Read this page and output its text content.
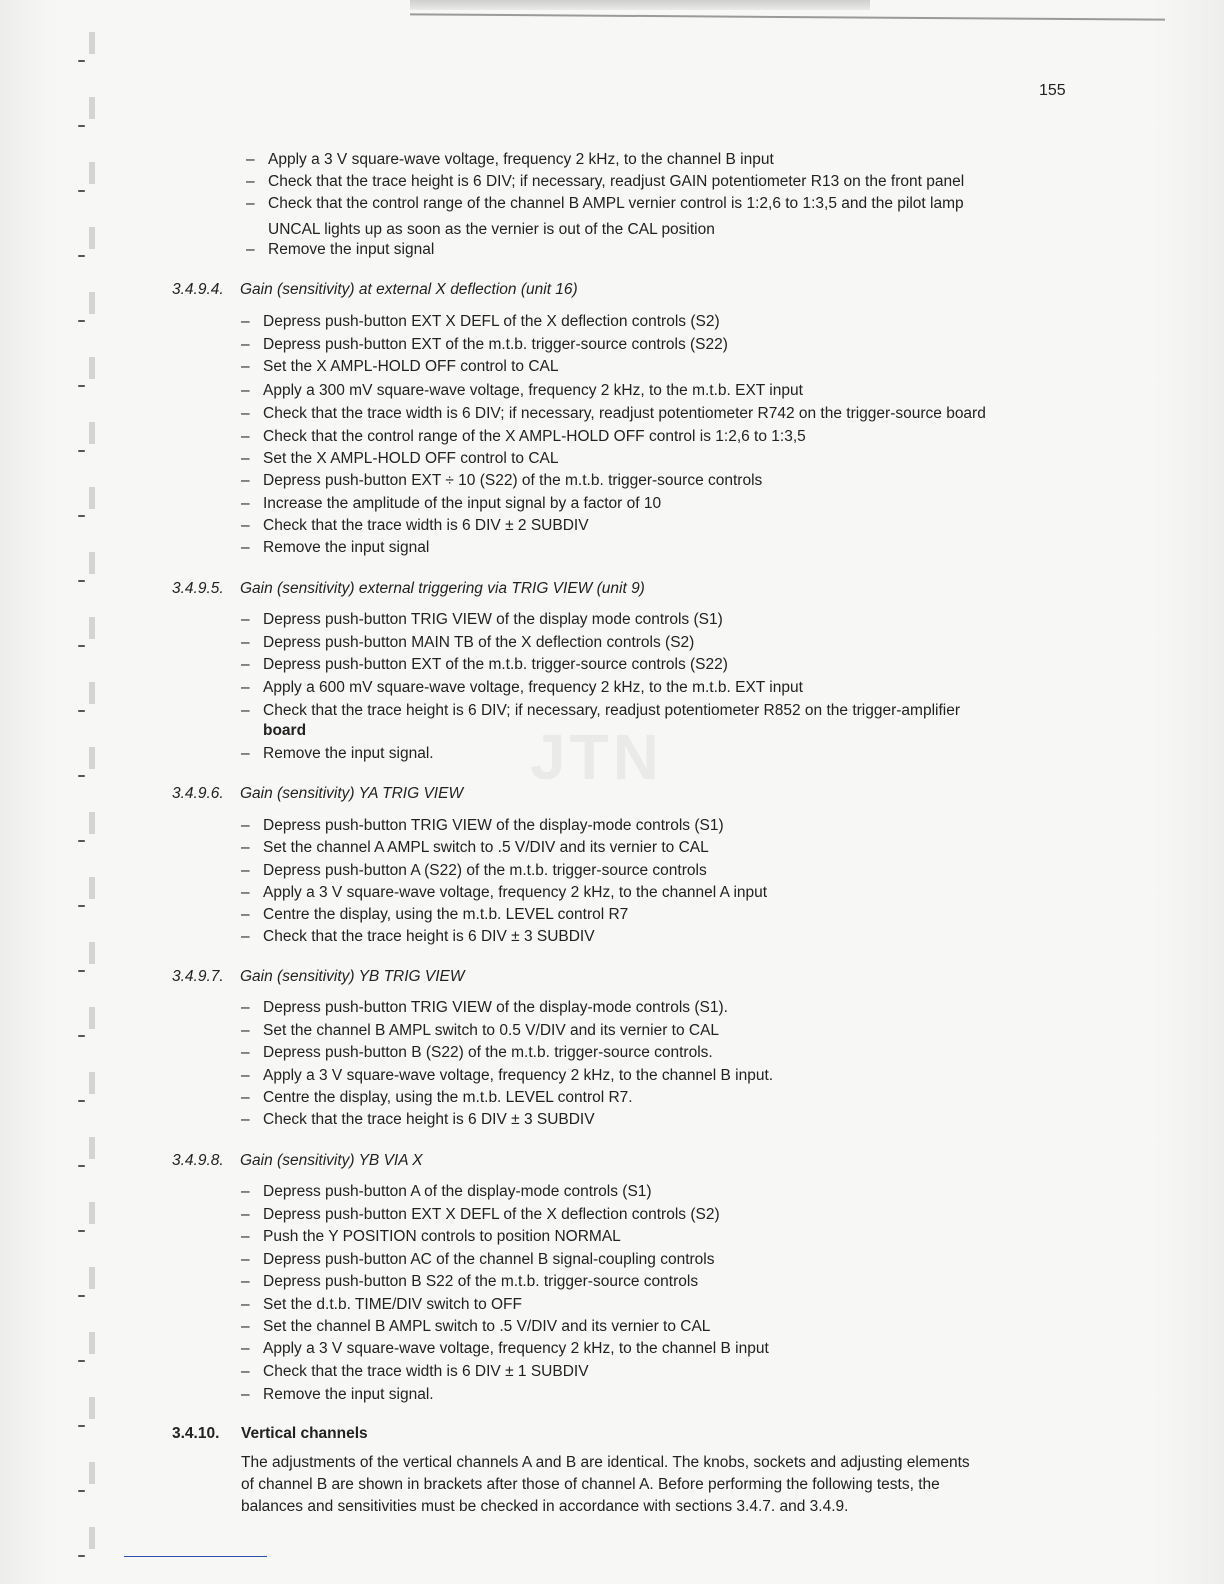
JTN
155
– Apply a 3 V square-wave voltage, frequency 2 kHz, to the channel B input
– Check that the trace height is 6 DIV; if necessary, readjust GAIN potentiometer R13 on the front panel
– Check that the control range of the channel B AMPL vernier control is 1:2,6 to 1:3,5 and the pilot lamp
UNCAL lights up as soon as the vernier is out of the CAL position
– Remove the input signal
3.4.9.4. Gain (sensitivity) at external X deflection (unit 16)
– Depress push-button EXT X DEFL of the X deflection controls (S2)
– Depress push-button EXT of the m.t.b. trigger-source controls (S22)
– Set the X AMPL-HOLD OFF control to CAL
– Apply a 300 mV square-wave voltage, frequency 2 kHz, to the m.t.b. EXT input
– Check that the trace width is 6 DIV; if necessary, readjust potentiometer R742 on the trigger-source board
– Check that the control range of the X AMPL-HOLD OFF control is 1:2,6 to 1:3,5
– Set the X AMPL-HOLD OFF control to CAL
– Depress push-button EXT ÷ 10 (S22) of the m.t.b. trigger-source controls
– Increase the amplitude of the input signal by a factor of 10
– Check that the trace width is 6 DIV ± 2 SUBDIV
– Remove the input signal
3.4.9.5. Gain (sensitivity) external triggering via TRIG VIEW (unit 9)
– Depress push-button TRIG VIEW of the display mode controls (S1)
– Depress push-button MAIN TB of the X deflection controls (S2)
– Depress push-button EXT of the m.t.b. trigger-source controls (S22)
– Apply a 600 mV square-wave voltage, frequency 2 kHz, to the m.t.b. EXT input
– Check that the trace height is 6 DIV; if necessary, readjust potentiometer R852 on the trigger-amplifier
board
– Remove the input signal.
3.4.9.6. Gain (sensitivity) YA TRIG VIEW
– Depress push-button TRIG VIEW of the display-mode controls (S1)
– Set the channel A AMPL switch to .5 V/DIV and its vernier to CAL
– Depress push-button A (S22) of the m.t.b. trigger-source controls
– Apply a 3 V square-wave voltage, frequency 2 kHz, to the channel A input
– Centre the display, using the m.t.b. LEVEL control R7
– Check that the trace height is 6 DIV ± 3 SUBDIV
3.4.9.7. Gain (sensitivity) YB TRIG VIEW
– Depress push-button TRIG VIEW of the display-mode controls (S1).
– Set the channel B AMPL switch to 0.5 V/DIV and its vernier to CAL
– Depress push-button B (S22) of the m.t.b. trigger-source controls.
– Apply a 3 V square-wave voltage, frequency 2 kHz, to the channel B input.
– Centre the display, using the m.t.b. LEVEL control R7.
– Check that the trace height is 6 DIV ± 3 SUBDIV
3.4.9.8. Gain (sensitivity) YB VIA X
– Depress push-button A of the display-mode controls (S1)
– Depress push-button EXT X DEFL of the X deflection controls (S2)
– Push the Y POSITION controls to position NORMAL
– Depress push-button AC of the channel B signal-coupling controls
– Depress push-button B S22 of the m.t.b. trigger-source controls
– Set the d.t.b. TIME/DIV switch to OFF
– Set the channel B AMPL switch to .5 V/DIV and its vernier to CAL
– Apply a 3 V square-wave voltage, frequency 2 kHz, to the channel B input
– Check that the trace width is 6 DIV ± 1 SUBDIV
– Remove the input signal.
3.4.10. Vertical channels
The adjustments of the vertical channels A and B are identical. The knobs, sockets and adjusting elements
of channel B are shown in brackets after those of channel A. Before performing the following tests, the
balances and sensitivities must be checked in accordance with sections 3.4.7. and 3.4.9.
